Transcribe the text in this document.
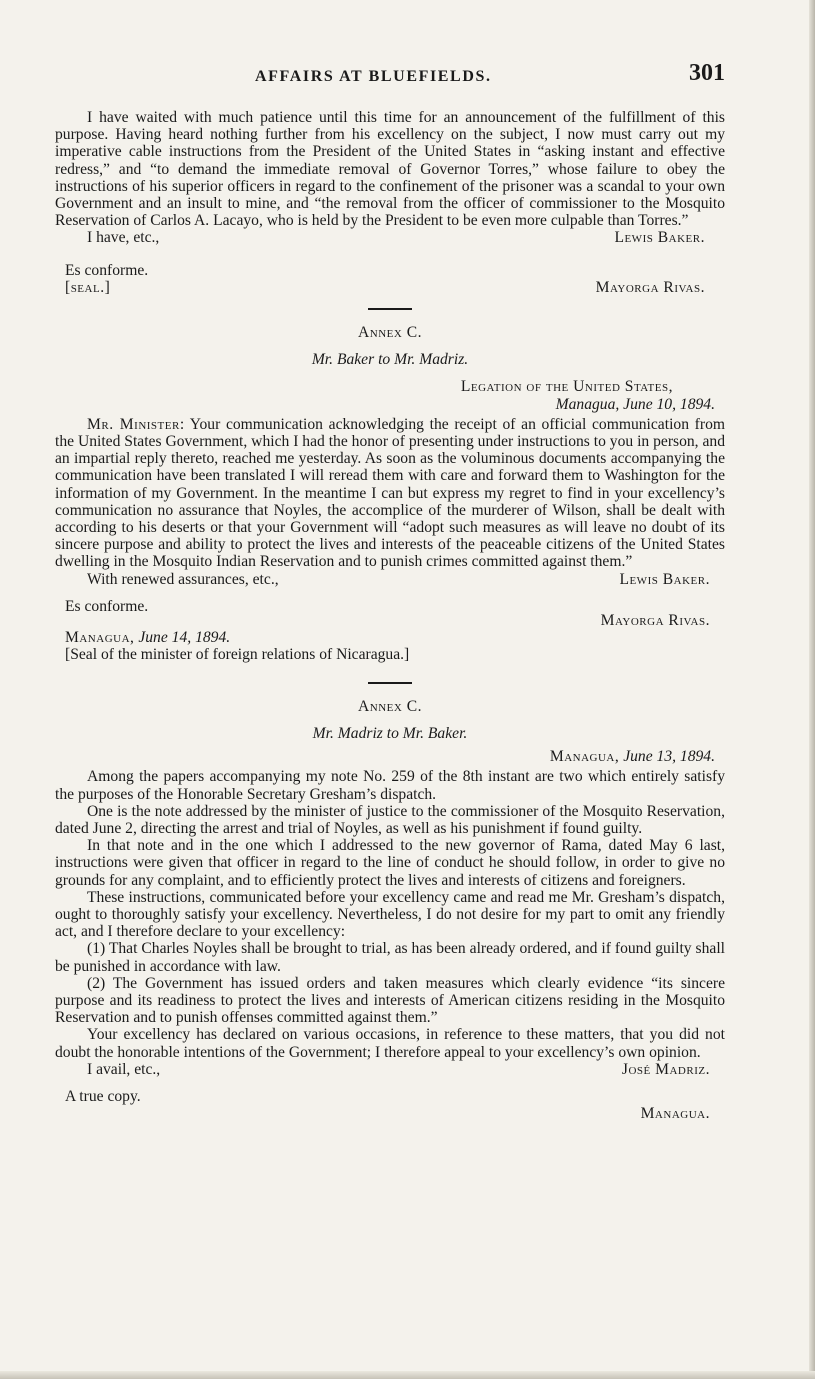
AFFAIRS AT BLUEFIELDS.	301

I have waited with much patience until this time for an announcement of the fulfillment of this purpose. Having heard nothing further from his excellency on the subject, I now must carry out my imperative cable instructions from the President of the United States in “asking instant and effective redress,” and “to demand the immediate removal of Governor Torres,” whose failure to obey the instructions of his superior officers in regard to the confinement of the prisoner was a scandal to your own Government and an insult to mine, and “the removal from the officer of commissioner to the Mosquito Reservation of Carlos A. Lacayo, who is held by the President to be even more culpable than Torres.”

I have, etc.,	Lewis Baker.
Es conforme.
[seal.]	Mayorga Rivas.
Annex C.
Mr. Baker to Mr. Madriz.
Legation of the United States,
Managua, June 10, 1894.

Mr. Minister: Your communication acknowledging the receipt of an official communication from the United States Government, which I had the honor of presenting under instructions to you in person, and an impartial reply thereto, reached me yesterday. As soon as the voluminous documents accompanying the communication have been translated I will reread them with care and forward them to Washington for the information of my Government. In the meantime I can but express my regret to find in your excellency’s communication no assurance that Noyles, the accomplice of the murderer of Wilson, shall be dealt with according to his deserts or that your Government will “adopt such measures as will leave no doubt of its sincere purpose and ability to protect the lives and interests of the peaceable citizens of the United States dwelling in the Mosquito Indian Reservation and to punish crimes committed against them.”

With renewed assurances, etc.,	Lewis Baker.
Es conforme.
Mayorga Rivas.
Managua, June 14, 1894.
[Seal of the minister of foreign relations of Nicaragua.]
Annex C.
Mr. Madriz to Mr. Baker.
Managua, June 13, 1894.

Among the papers accompanying my note No. 259 of the 8th instant are two which entirely satisfy the purposes of the Honorable Secretary Gresham’s dispatch.

One is the note addressed by the minister of justice to the commissioner of the Mosquito Reservation, dated June 2, directing the arrest and trial of Noyles, as well as his punishment if found guilty.

In that note and in the one which I addressed to the new governor of Rama, dated May 6 last, instructions were given that officer in regard to the line of conduct he should follow, in order to give no grounds for any complaint, and to efficiently protect the lives and interests of citizens and foreigners.

These instructions, communicated before your excellency came and read me Mr. Gresham’s dispatch, ought to thoroughly satisfy your excellency. Nevertheless, I do not desire for my part to omit any friendly act, and I therefore declare to your excellency:

(1) That Charles Noyles shall be brought to trial, as has been already ordered, and if found guilty shall be punished in accordance with law.

(2) The Government has issued orders and taken measures which clearly evidence “its sincere purpose and its readiness to protect the lives and interests of American citizens residing in the Mosquito Reservation and to punish offenses committed against them.”

Your excellency has declared on various occasions, in reference to these matters, that you did not doubt the honorable intentions of the Government; I therefore appeal to your excellency’s own opinion.

I avail, etc.,	José Madriz.
A true copy.
Managua.
